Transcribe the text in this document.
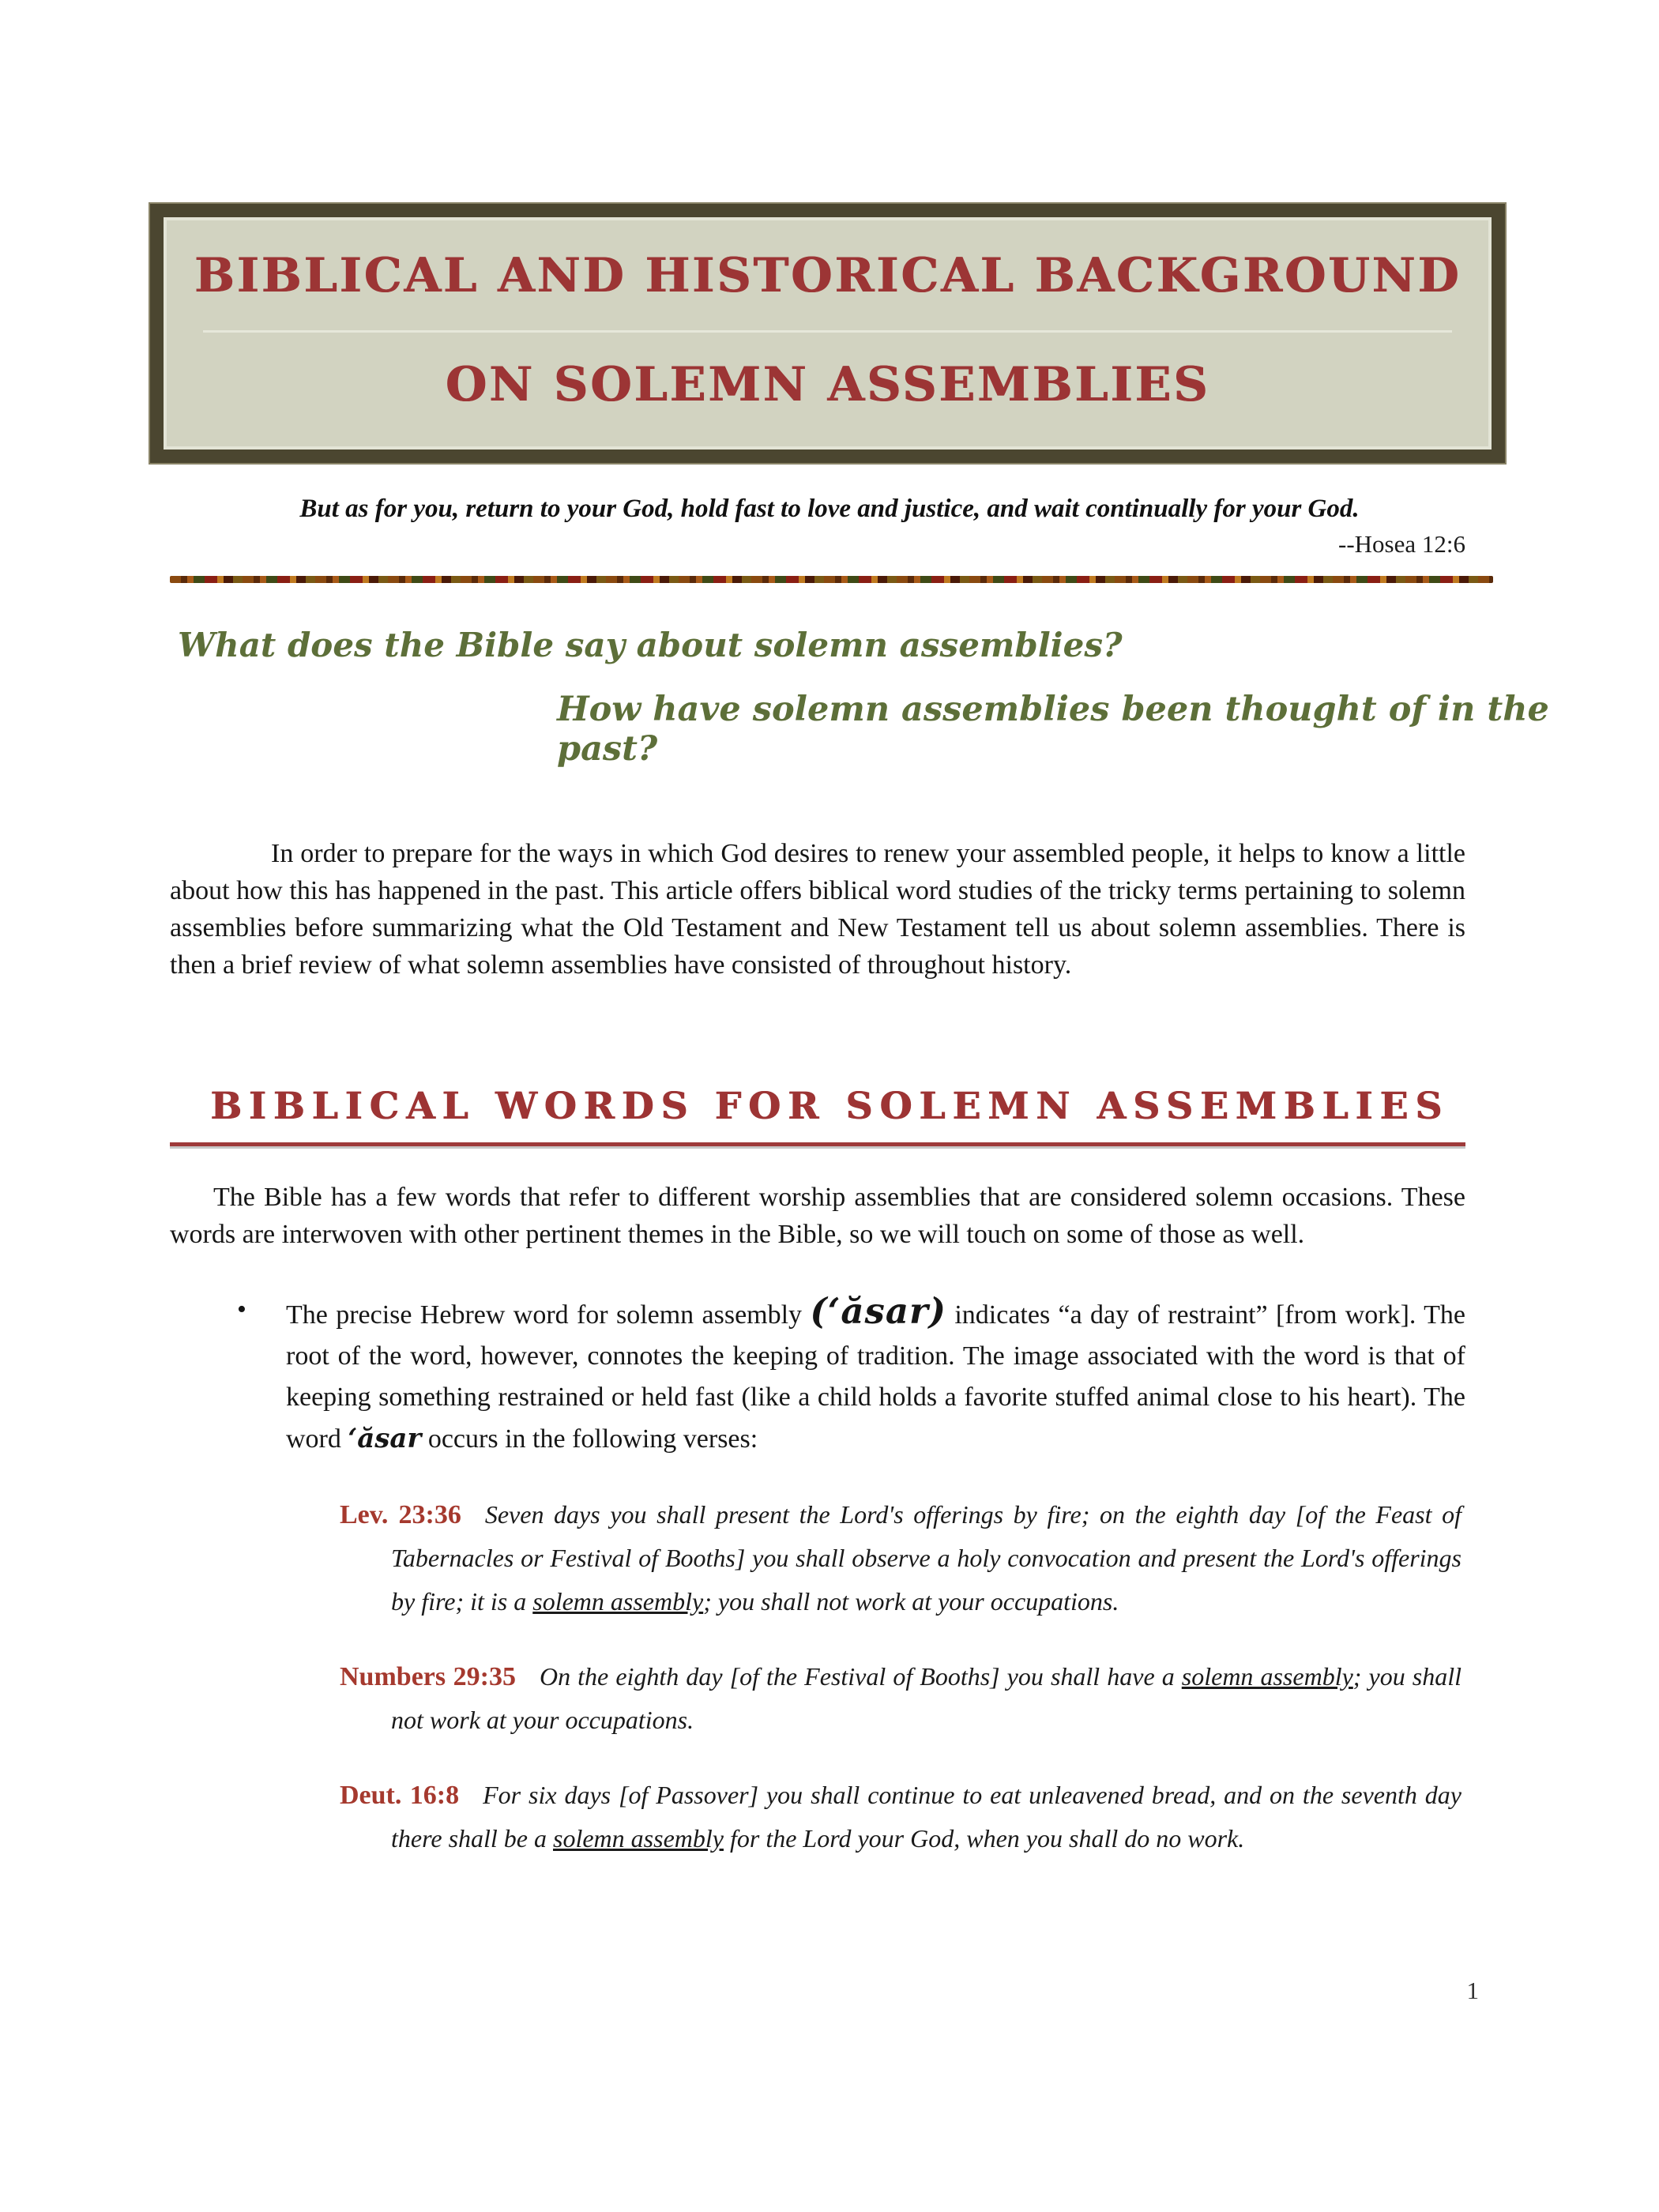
BIBLICAL AND HISTORICAL BACKGROUND
ON SOLEMN ASSEMBLIES
But as for you, return to your God, hold fast to love and justice, and wait continually for your God.
--Hosea 12:6
What does the Bible say about solemn assemblies?
How have solemn assemblies been thought of in the past?

In order to prepare for the ways in which God desires to renew your assembled people, it helps to know a little about how this has happened in the past. This article offers biblical word studies of the tricky terms pertaining to solemn assemblies before summarizing what the Old Testament and New Testament tell us about solemn assemblies. There is then a brief review of what solemn assemblies have consisted of throughout history.

BIBLICAL WORDS FOR SOLEMN ASSEMBLIES

The Bible has a few words that refer to different worship assemblies that are considered solemn occasions. These words are interwoven with other pertinent themes in the Bible, so we will touch on some of those as well.

• The precise Hebrew word for solemn assembly (‘ăsar) indicates “a day of restraint” [from work]. The root of the word, however, connotes the keeping of tradition. The image associated with the word is that of keeping something restrained or held fast (like a child holds a favorite stuffed animal close to his heart). The word ‘ăsar occurs in the following verses:

Lev. 23:36 Seven days you shall present the Lord's offerings by fire; on the eighth day [of the Feast of Tabernacles or Festival of Booths] you shall observe a holy convocation and present the Lord's offerings by fire; it is a solemn assembly; you shall not work at your occupations.

Numbers 29:35 On the eighth day [of the Festival of Booths] you shall have a solemn assembly; you shall not work at your occupations.

Deut. 16:8 For six days [of Passover] you shall continue to eat unleavened bread, and on the seventh day there shall be a solemn assembly for the Lord your God, when you shall do no work.

1
